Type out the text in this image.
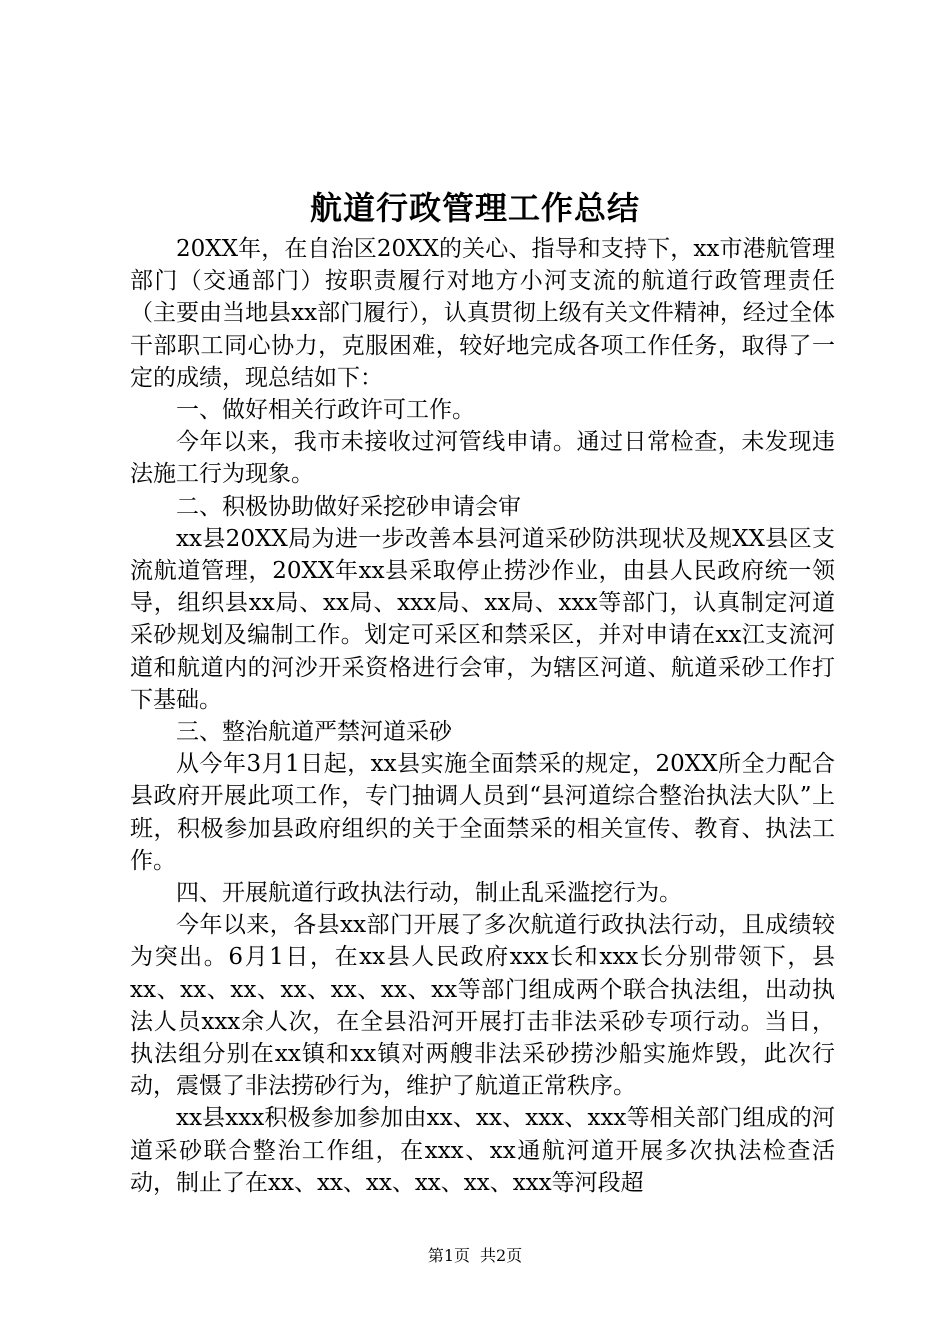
航道行政管理工作总结

20XX年，在自治区20XX的关心、指导和支持下，xx市港航管理部门（交通部门）按职责履行对地方小河支流的航道行政管理责任（主要由当地县xx部门履行），认真贯彻上级有关文件精神，经过全体干部职工同心协力，克服困难，较好地完成各项工作任务，取得了一定的成绩，现总结如下：

一、做好相关行政许可工作。

今年以来，我市未接收过河管线申请。通过日常检查，未发现违法施工行为现象。

二、积极协助做好采挖砂申请会审

xx县20XX局为进一步改善本县河道采砂防洪现状及规XX县区支流航道管理，20XX年xx县采取停止捞沙作业，由县人民政府统一领导，组织县xx局、xx局、xxx局、xx局、xxx等部门，认真制定河道采砂规划及编制工作。划定可采区和禁采区，并对申请在xx江支流河道和航道内的河沙开采资格进行会审，为辖区河道、航道采砂工作打下基础。

三、整治航道严禁河道采砂

从今年3月1日起，xx县实施全面禁采的规定，20XX所全力配合县政府开展此项工作，专门抽调人员到“县河道综合整治执法大队”上班，积极参加县政府组织的关于全面禁采的相关宣传、教育、执法工作。

四、开展航道行政执法行动，制止乱采滥挖行为。

今年以来，各县xx部门开展了多次航道行政执法行动，且成绩较为突出。6月1日，在xx县人民政府xxx长和xxx长分别带领下，县xx、xx、xx、xx、xx、xx、xx等部门组成两个联合执法组，出动执法人员xxx余人次，在全县沿河开展打击非法采砂专项行动。当日，执法组分别在xx镇和xx镇对两艘非法采砂捞沙船实施炸毁，此次行动，震慑了非法捞砂行为，维护了航道正常秩序。

xx县xxx积极参加参加由xx、xx、xxx、xxx等相关部门组成的河道采砂联合整治工作组，在xxx、xx通航河道开展多次执法检查活动，制止了在xx、xx、xx、xx、xx、xxx等河段超

第1页 共2页
